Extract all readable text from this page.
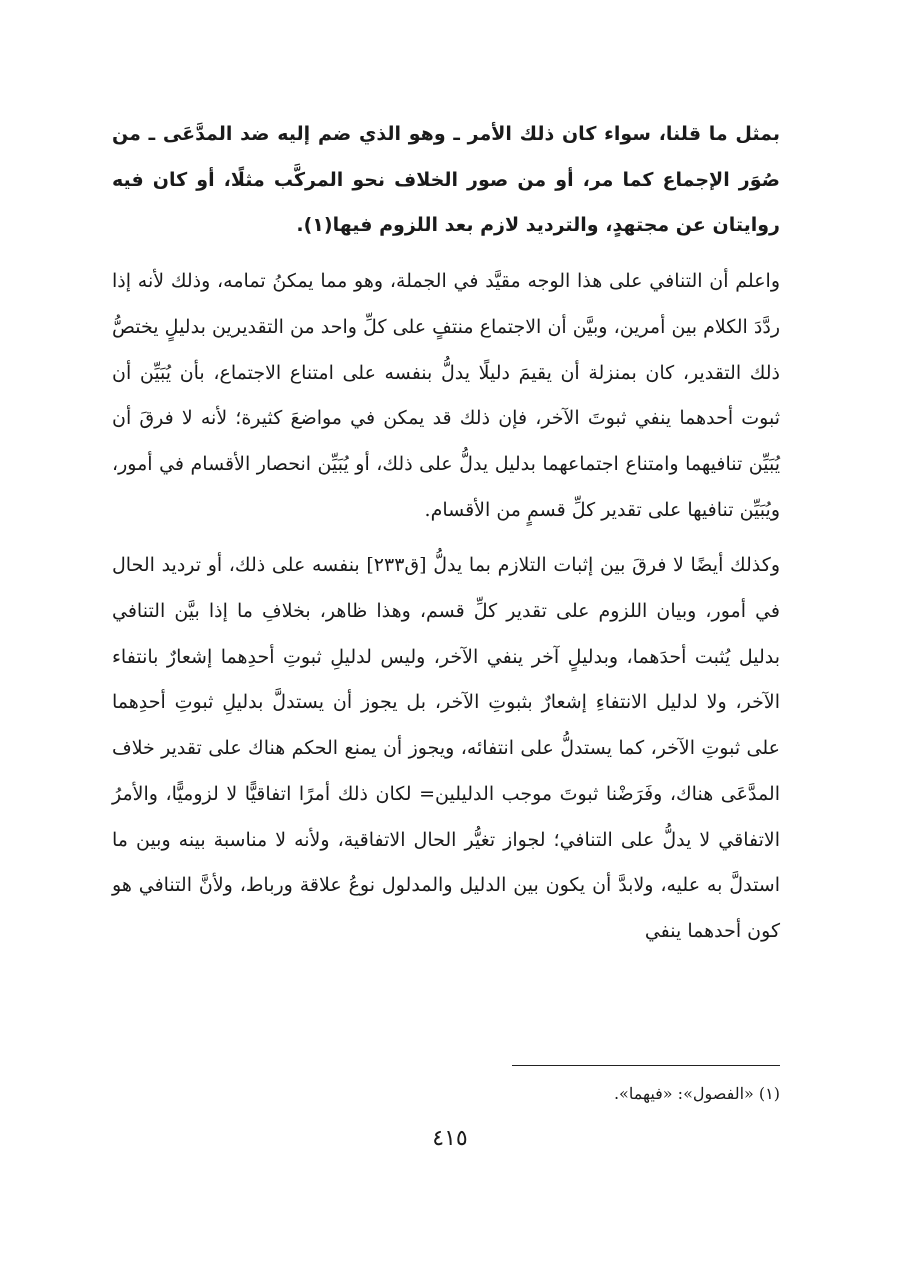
بمثل ما قلنا، سواء كان ذلك الأمر ـ وهو الذي ضم إليه ضد المدَّعَى ـ من صُوَر الإجماع كما مر، أو من صور الخلاف نحو المركَّب مثلًا، أو كان فيه روايتان عن مجتهدٍ، والترديد لازم بعد اللزوم فيها(١).

واعلم أن التنافي على هذا الوجه مقيَّد في الجملة، وهو مما يمكنُ تمامه، وذلك لأنه إذا ردَّدَ الكلام بين أمرين، وبيَّن أن الاجتماع منتفٍ على كلِّ واحد من التقديرين بدليلٍ يختصُّ ذلك التقدير، كان بمنزلة أن يقيمَ دليلًا يدلُّ بنفسه على امتناع الاجتماع، بأن يُبَيِّن أن ثبوت أحدهما ينفي ثبوتَ الآخر، فإن ذلك قد يمكن في مواضعَ كثيرة؛ لأنه لا فرقَ أن يُبَيِّن تنافيهما وامتناع اجتماعهما بدليل يدلُّ على ذلك، أو يُبَيِّن انحصار الأقسام في أمور، ويُبَيِّن تنافيها على تقدير كلِّ قسمٍ من الأقسام.

وكذلك أيضًا لا فرقَ بين إثبات التلازم بما يدلُّ [ق٢٣٣] بنفسه على ذلك، أو ترديد الحال في أمور، وبيان اللزوم على تقدير كلِّ قسم، وهذا ظاهر، بخلافِ ما إذا بيَّن التنافي بدليل يُثبت أحدَهما، وبدليلٍ آخر ينفي الآخر، وليس لدليلِ ثبوتِ أحدِهما إشعارٌ بانتفاء الآخر، ولا لدليل الانتفاءِ إشعارٌ بثبوتِ الآخر، بل يجوز أن يستدلَّ بدليلِ ثبوتِ أحدِهما على ثبوتِ الآخر، كما يستدلُّ على انتفائه، ويجوز أن يمنع الحكم هناك على تقدير خلاف المدَّعَى هناك، وفَرَضْنا ثبوتَ موجب الدليلين= لكان ذلك أمرًا اتفاقيًّا لا لزوميًّا، والأمرُ الاتفاقي لا يدلُّ على التنافي؛ لجواز تغيُّر الحال الاتفاقية، ولأنه لا مناسبة بينه وبين ما استدلَّ به عليه، ولابدَّ أن يكون بين الدليل والمدلول نوعُ علاقة ورباط، ولأنَّ التنافي هو كون أحدهما ينفي

(١) «الفصول»: «فيهما».
٤١٥
